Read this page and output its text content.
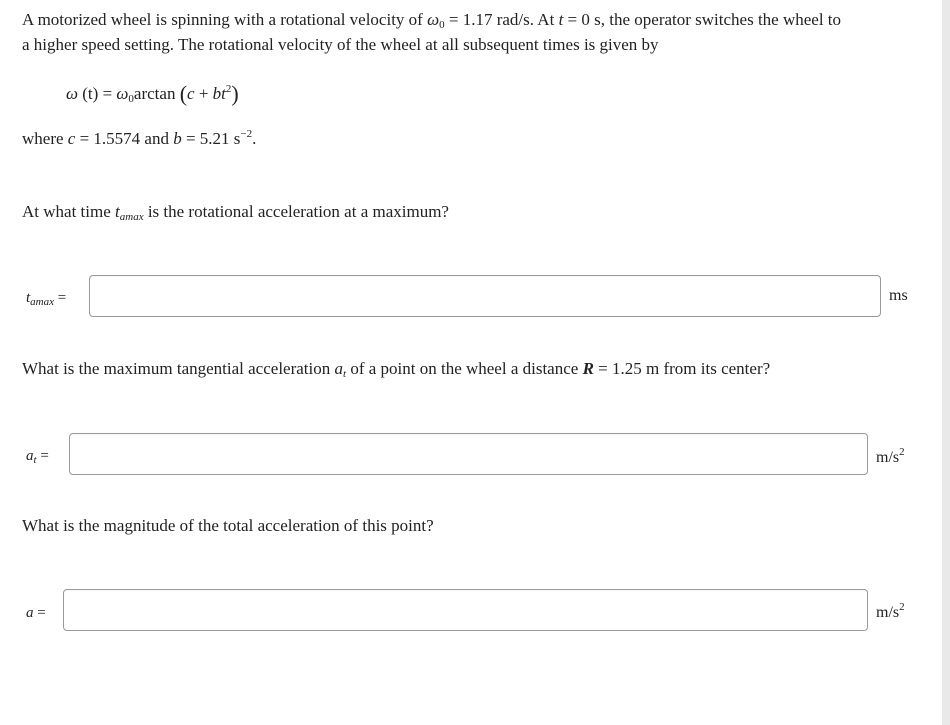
A motorized wheel is spinning with a rotational velocity of $\omega_0 = 1.17$ rad/s. At t = 0 s, the operator switches the wheel to
a higher speed setting. The rotational velocity of the wheel at all subsequent times is given by
ω $(t) = \omega_0\arctan$ $(c + bt^2)$
where c = 1.5574 and b = 5.21 $s^{-2}$.
At what time $t_{amax}$ is the rotational acceleration at a maximum?
$t_{amax}$ =	ms
What is the maximum tangential acceleration $a_t$ of a point on the wheel a distance R = 1.25 m from its center?
$a_t$ =	$m/s^2$
What is the magnitude of the total acceleration of this point?
a =	$m/s^2$
